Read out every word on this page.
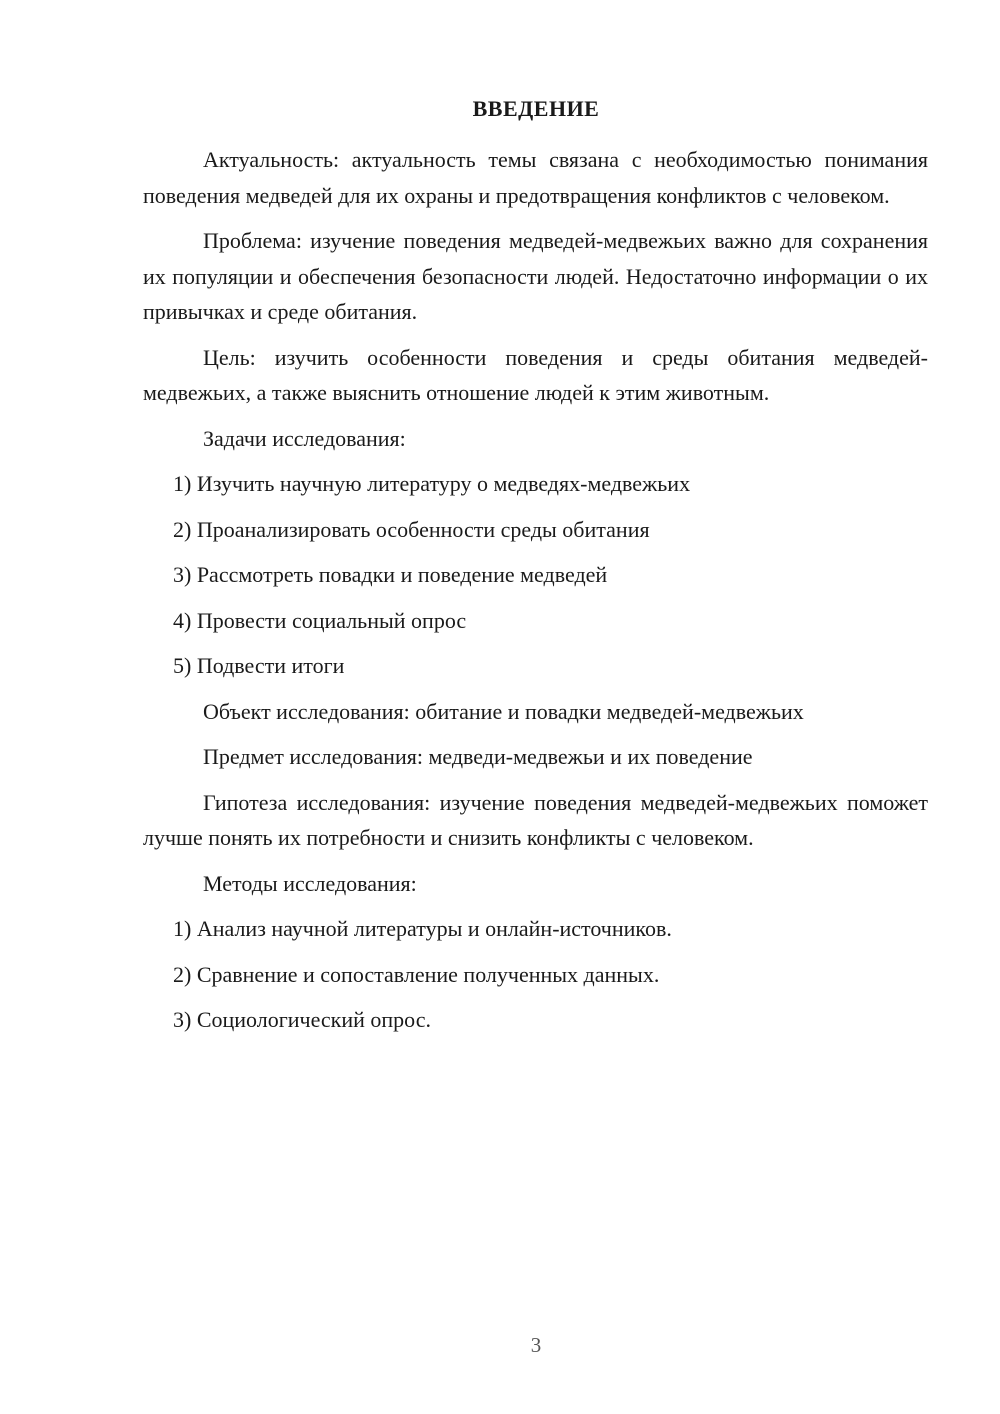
ВВЕДЕНИЕ

Актуальность: актуальность темы связана с необходимостью понимания поведения медведей для их охраны и предотвращения конфликтов с человеком.

Проблема: изучение поведения медведей-медвежьих важно для сохранения их популяции и обеспечения безопасности людей. Недостаточно информации о их привычках и среде обитания.

Цель: изучить особенности поведения и среды обитания медведей-медвежьих, а также выяснить отношение людей к этим животным.

Задачи исследования:

1) Изучить научную литературу о медведях-медвежьих

2) Проанализировать особенности среды обитания

3) Рассмотреть повадки и поведение медведей

4) Провести социальный опрос

5) Подвести итоги

Объект исследования: обитание и повадки медведей-медвежьих

Предмет исследования: медведи-медвежьи и их поведение

Гипотеза исследования: изучение поведения медведей-медвежьих поможет лучше понять их потребности и снизить конфликты с человеком.

Методы исследования:

1) Анализ научной литературы и онлайн-источников.

2) Сравнение и сопоставление полученных данных.

3) Социологический опрос.

3
